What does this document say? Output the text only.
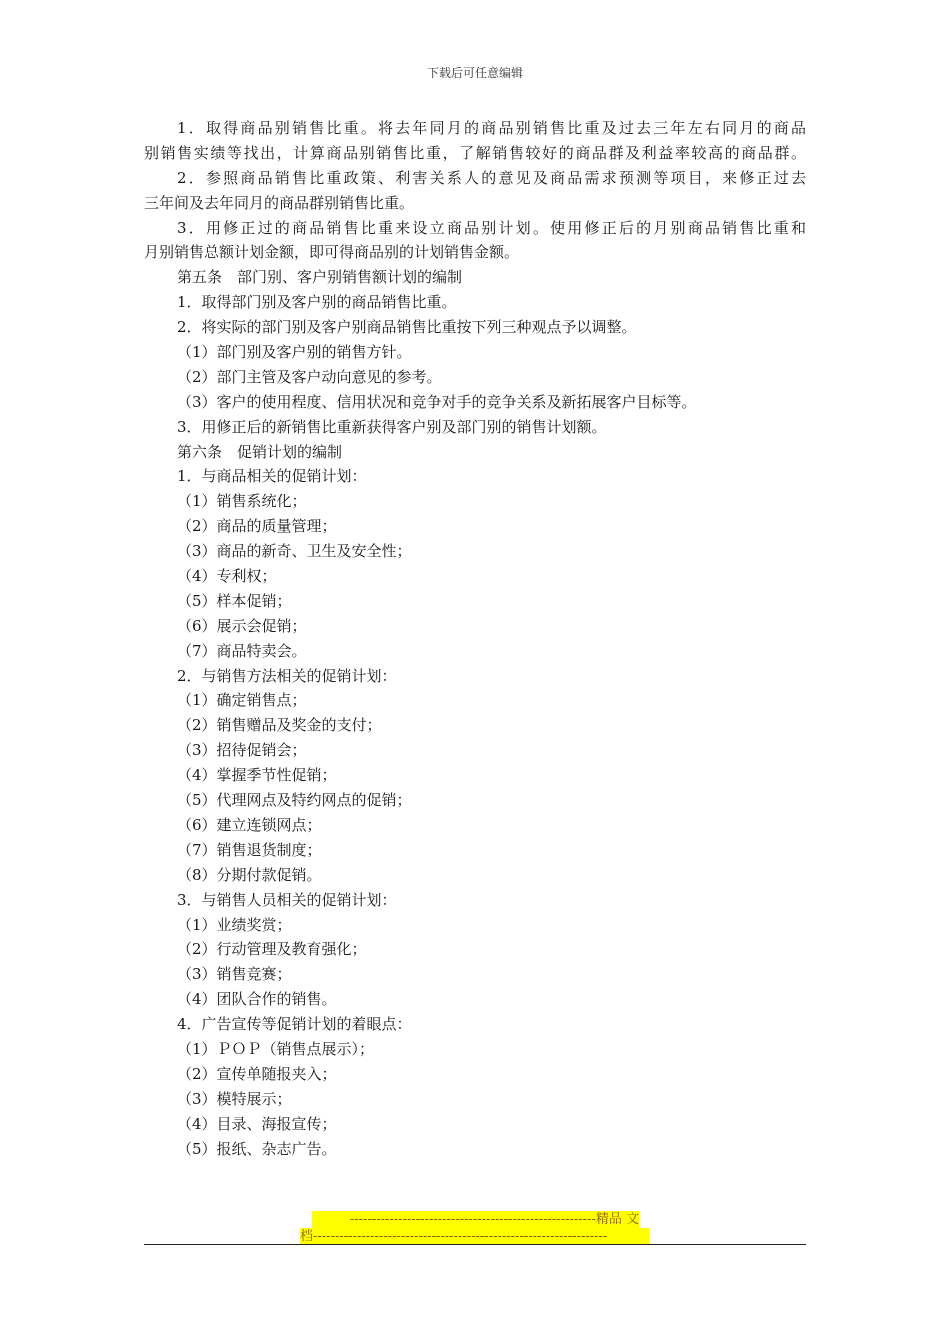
下载后可任意编辑
1．取得商品别销售比重。将去年同月的商品别销售比重及过去三年左右同月的商品
别销售实绩等找出，计算商品别销售比重，了解销售较好的商品群及利益率较高的商品群。
2．参照商品销售比重政策、利害关系人的意见及商品需求预测等项目，来修正过去
三年间及去年同月的商品群别销售比重。
3．用修正过的商品销售比重来设立商品别计划。使用修正后的月别商品销售比重和
月别销售总额计划金额，即可得商品别的计划销售金额。
第五条　部门别、客户别销售额计划的编制
1．取得部门别及客户别的商品销售比重。
2．将实际的部门别及客户别商品销售比重按下列三种观点予以调整。
（1）部门别及客户别的销售方针。
（2）部门主管及客户动向意见的参考。
（3）客户的使用程度、信用状况和竞争对手的竞争关系及新拓展客户目标等。
3．用修正后的新销售比重新获得客户别及部门别的销售计划额。
第六条　促销计划的编制
1．与商品相关的促销计划：
（1）销售系统化；
（2）商品的质量管理；
（3）商品的新奇、卫生及安全性；
（4）专利权；
（5）样本促销；
（6）展示会促销；
（7）商品特卖会。
2．与销售方法相关的促销计划：
（1）确定销售点；
（2）销售赠品及奖金的支付；
（3）招待促销会；
（4）掌握季节性促销；
（5）代理网点及特约网点的促销；
（6）建立连锁网点；
（7）销售退货制度；
（8）分期付款促销。
3．与销售人员相关的促销计划：
（1）业绩奖赏；
（2）行动管理及教育强化；
（3）销售竞赛；
（4）团队合作的销售。
4．广告宣传等促销计划的着眼点：
（1）ＰＯＰ（销售点展示）；
（2）宣传单随报夹入；
（3）模特展示；
（4）目录、海报宣传；
（5）报纸、杂志广告。
--------------------------------------------------------精品 文
档-------------------------------------------------------------------
